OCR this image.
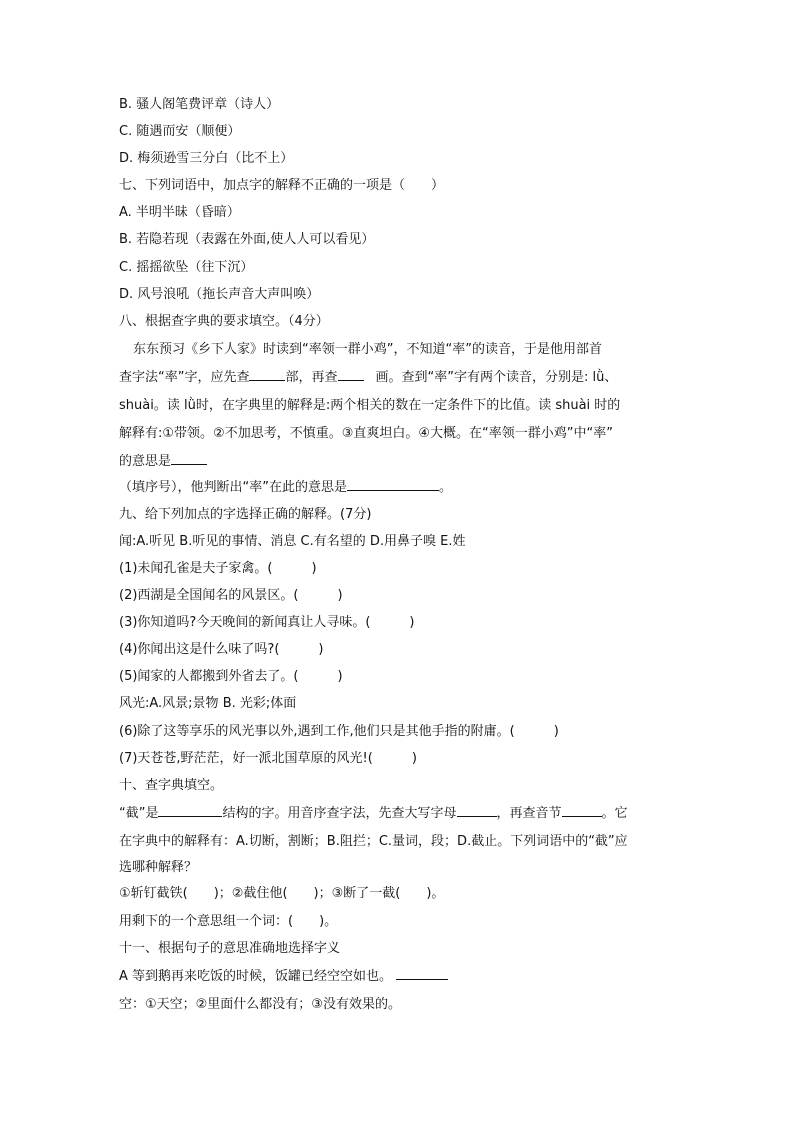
B. 骚人阁笔费评章（诗人）
C. 随遇而安（顺便）
D. 梅须逊雪三分白（比不上）
七、下列词语中，加点字的解释不正确的一项是（　　）
A. 半明半昧（昏暗）
B. 若隐若现（表露在外面,使人人可以看见）
C. 摇摇欲坠（往下沉）
D. 风号浪吼（拖长声音大声叫唤）
八、根据查字典的要求填空。（4分）
东东预习《乡下人家》时读到“率领一群小鸡”，不知道“率”的读音，于是他用部首
查字法“率”字，应先查	部，再查	画。查到“率”字有两个读音，分别是: lǜ、
shuài。读 lǜ时，在字典里的解释是:两个相关的数在一定条件下的比值。读 shuài 时的
解释有:①带领。②不加思考，不慎重。③直爽坦白。④大概。在“率领一群小鸡”中“率”
的意思是
（填序号），他判断出“率”在此的意思是	。
九、给下列加点的字选择正确的解释。(7分)
闻:A.听见 B.听见的事情、消息 C.有名望的 D.用鼻子嗅 E.姓
(1)未闻孔雀是夫子家禽。(　　　)
(2)西湖是全国闻名的风景区。(　　　)
(3)你知道吗?今天晚间的新闻真让人寻味。(　　　)
(4)你闻出这是什么味了吗?(　　　)
(5)闻家的人都搬到外省去了。(　　　)
风光:A.风景;景物 B. 光彩;体面
(6)除了这等享乐的风光事以外,遇到工作,他们只是其他手指的附庸。(　　　)
(7)天苍苍,野茫茫，好一派北国草原的风光!(　　　)
十、查字典填空。
“截”是	结构的字。用音序查字法，先查大写字母	，再查音节	。它
在字典中的解释有：A.切断，割断；B.阻拦；C.量词，段；D.截止。下列词语中的“截”应
选哪种解释？
①斩钉截铁(　　)；②截住他(　　)；③断了一截(　　)。
用剩下的一个意思组一个词：(　　)。
十一、根据句子的意思准确地选择字义
A 等到鹅再来吃饭的时候，饭罐已经空空如也。
空：①天空；②里面什么都没有；③没有效果的。
